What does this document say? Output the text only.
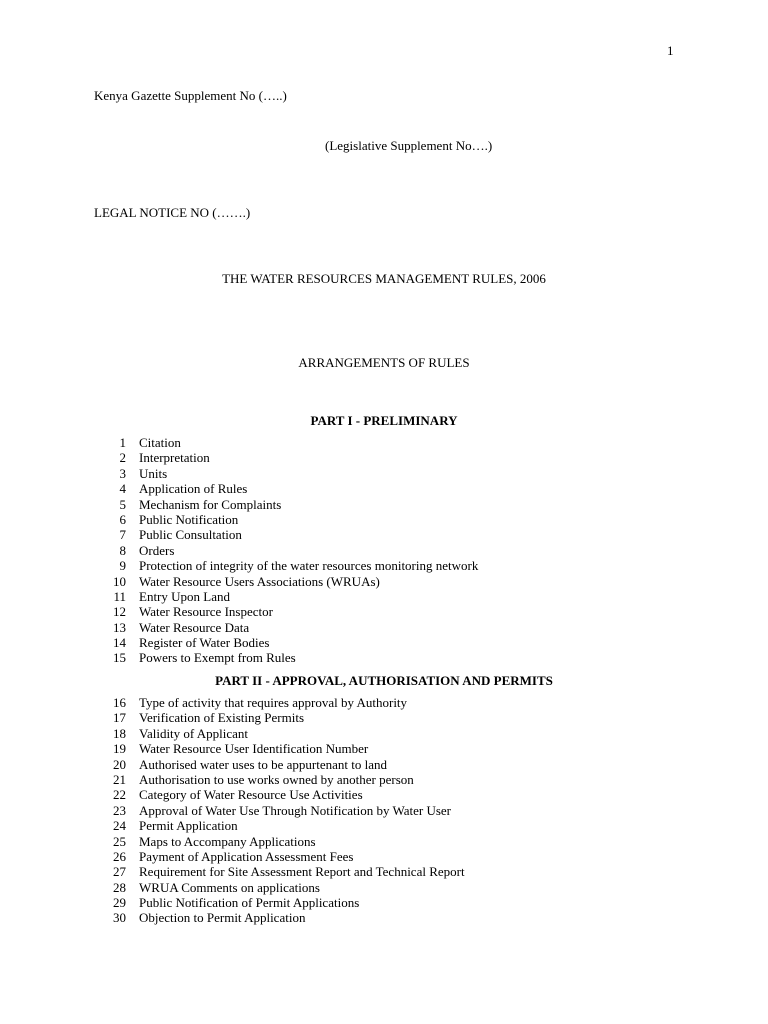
1
Kenya Gazette Supplement No (…..)
(Legislative Supplement No….)
LEGAL NOTICE NO (…….)
THE WATER RESOURCES MANAGEMENT RULES, 2006
ARRANGEMENTS OF RULES
PART I - PRELIMINARY
1 Citation
2 Interpretation
3 Units
4 Application of Rules
5 Mechanism for Complaints
6 Public Notification
7 Public Consultation
8 Orders
9 Protection of integrity of the water resources monitoring network
10 Water Resource Users Associations (WRUAs)
11 Entry Upon Land
12 Water Resource Inspector
13 Water Resource Data
14 Register of Water Bodies
15 Powers to Exempt from Rules
PART II - APPROVAL, AUTHORISATION AND PERMITS
16 Type of activity that requires approval by Authority
17 Verification of Existing Permits
18 Validity of Applicant
19 Water Resource User Identification Number
20 Authorised water uses to be appurtenant to land
21 Authorisation to use works owned by another person
22 Category of Water Resource Use Activities
23 Approval of Water Use Through Notification by Water User
24 Permit Application
25 Maps to Accompany Applications
26 Payment of Application Assessment Fees
27 Requirement for Site Assessment Report and Technical Report
28 WRUA Comments on applications
29 Public Notification of Permit Applications
30 Objection to Permit Application
